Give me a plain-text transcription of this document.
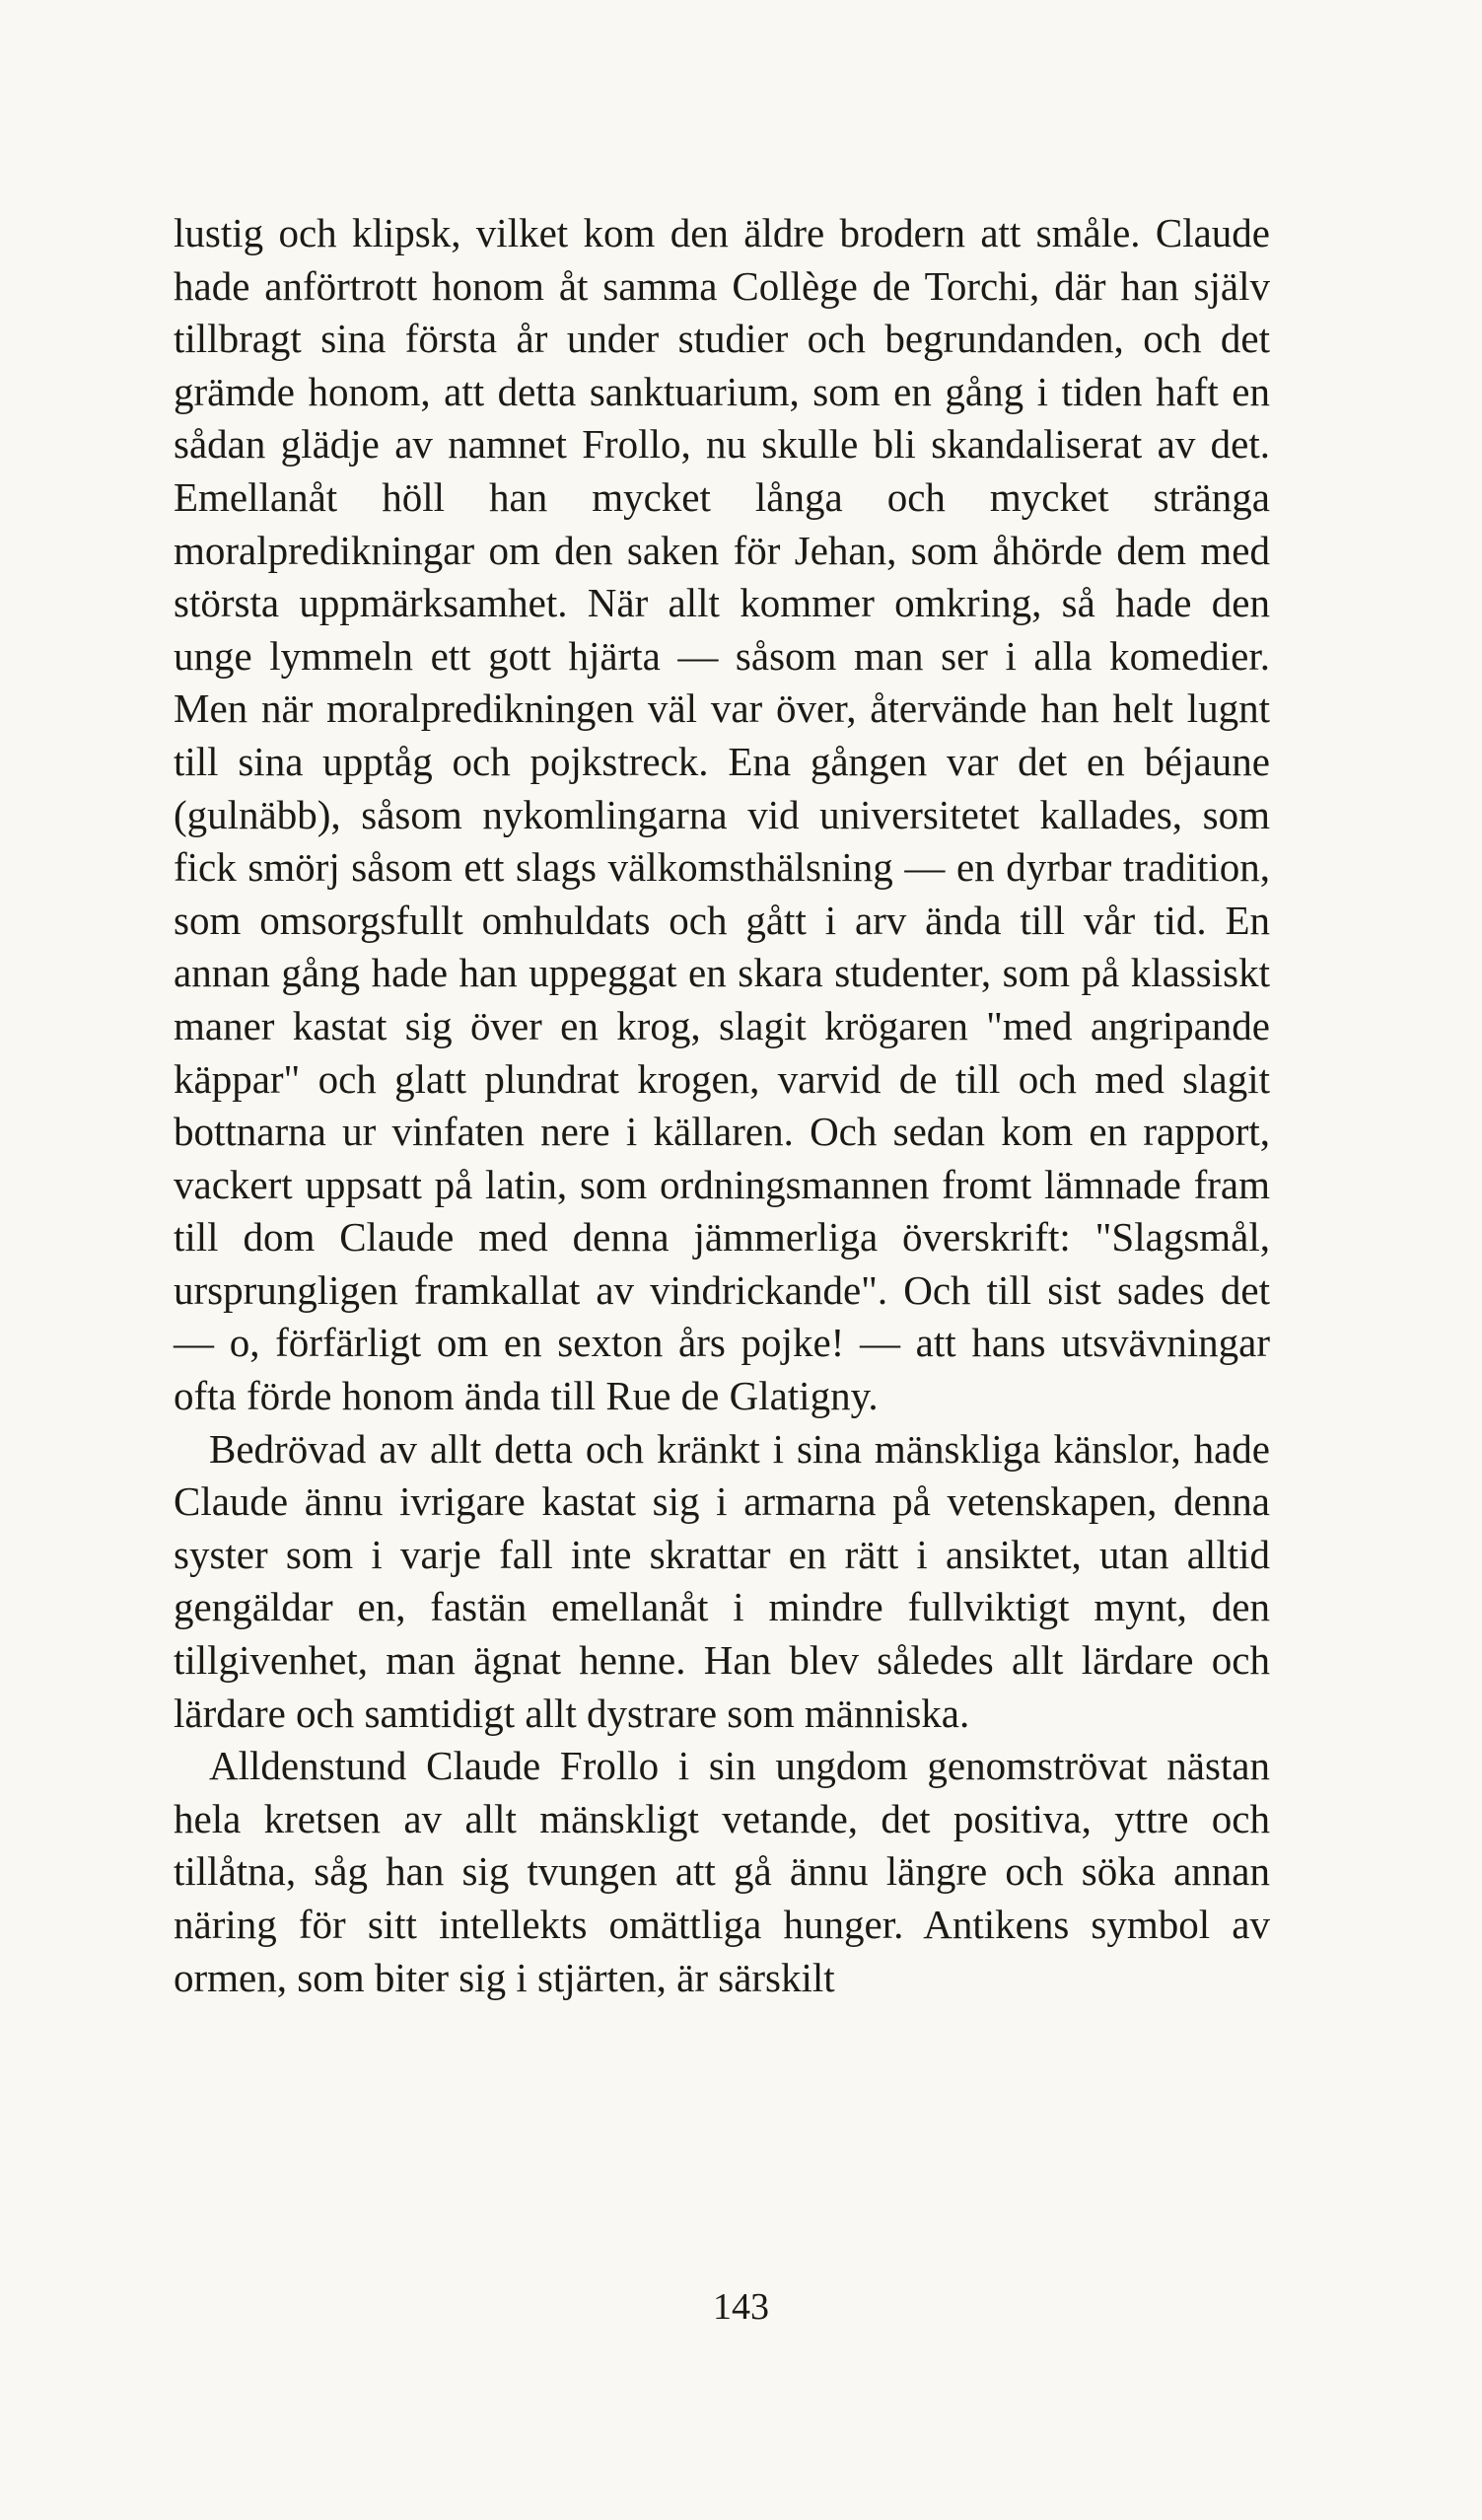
lustig och klipsk, vilket kom den äldre brodern att småle. Claude hade anförtrott honom åt samma Collège de Torchi, där han själv tillbragt sina första år under studier och begrundanden, och det grämde honom, att detta sanktuarium, som en gång i tiden haft en sådan glädje av namnet Frollo, nu skulle bli skandaliserat av det. Emellanåt höll han mycket långa och mycket stränga moralpredikningar om den saken för Jehan, som åhörde dem med största uppmärksamhet. När allt kommer omkring, så hade den unge lymmeln ett gott hjärta — såsom man ser i alla komedier. Men när moralpredikningen väl var över, återvände han helt lugnt till sina upptåg och pojkstreck. Ena gången var det en béjaune (gulnäbb), såsom nykomlingarna vid universitetet kallades, som fick smörj såsom ett slags välkomsthälsning — en dyrbar tradition, som omsorgsfullt omhuldats och gått i arv ända till vår tid. En annan gång hade han uppeggat en skara studenter, som på klassiskt maner kastat sig över en krog, slagit krögaren "med angripande käppar" och glatt plundrat krogen, varvid de till och med slagit bottnarna ur vinfaten nere i källaren. Och sedan kom en rapport, vackert uppsatt på latin, som ordningsmannen fromt lämnade fram till dom Claude med denna jämmerliga överskrift: "Slagsmål, ursprungligen framkallat av vindrickande". Och till sist sades det — o, förfärligt om en sexton års pojke! — att hans utsvävningar ofta förde honom ända till Rue de Glatigny.

Bedrövad av allt detta och kränkt i sina mänskliga känslor, hade Claude ännu ivrigare kastat sig i armarna på vetenskapen, denna syster som i varje fall inte skrattar en rätt i ansiktet, utan alltid gengäldar en, fastän emellanåt i mindre fullviktigt mynt, den tillgivenhet, man ägnat henne. Han blev således allt lärdare och lärdare och samtidigt allt dystrare som människa.

Alldenstund Claude Frollo i sin ungdom genomströvat nästan hela kretsen av allt mänskligt vetande, det positiva, yttre och tillåtna, såg han sig tvungen att gå ännu längre och söka annan näring för sitt intellekts omättliga hunger. Antikens symbol av ormen, som biter sig i stjärten, är särskilt

143
